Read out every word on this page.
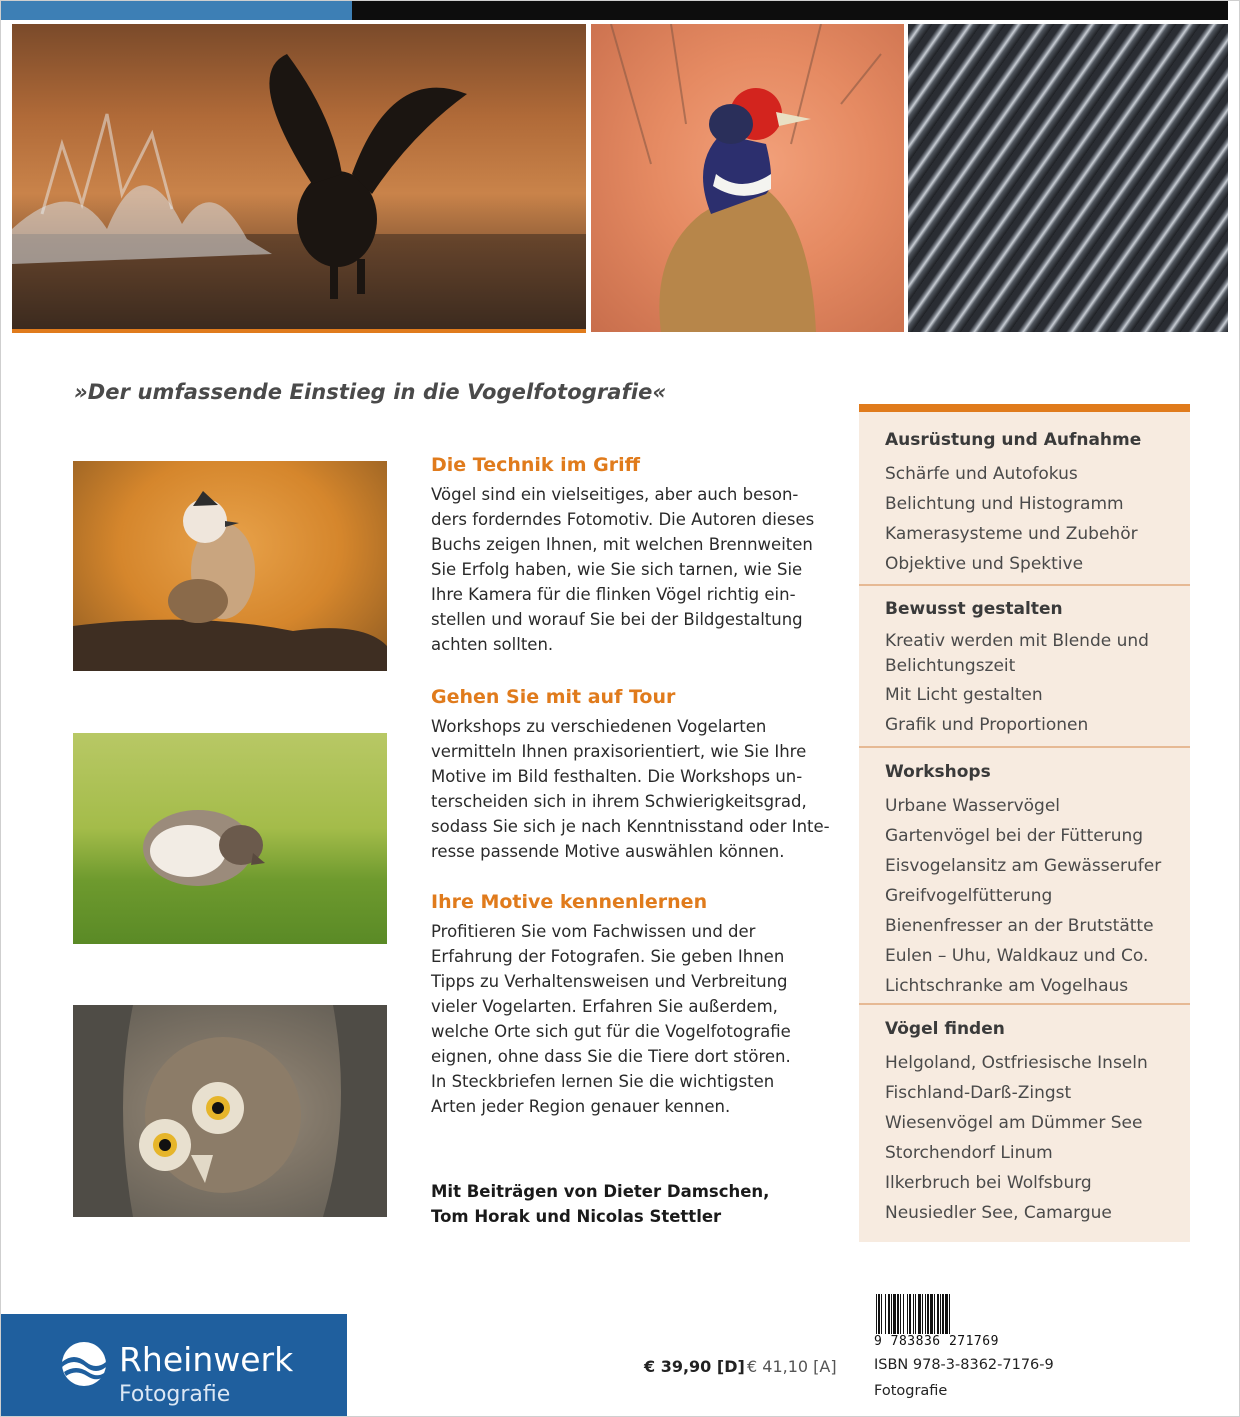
»Der umfassende Einstieg in die Vogelfotografie«
Die Technik im Griff
Vögel sind ein vielseitiges, aber auch beson-
ders forderndes Fotomotiv. Die Autoren dieses
Buchs zeigen Ihnen, mit welchen Brennweiten
Sie Erfolg haben, wie Sie sich tarnen, wie Sie
Ihre Kamera für die flinken Vögel richtig ein-
stellen und worauf Sie bei der Bildgestaltung
achten sollten.
Gehen Sie mit auf Tour
Workshops zu verschiedenen Vogelarten
vermitteln Ihnen praxisorientiert, wie Sie Ihre
Motive im Bild festhalten. Die Workshops un-
terscheiden sich in ihrem Schwierigkeitsgrad,
sodass Sie sich je nach Kenntnisstand oder Inte-
resse passende Motive auswählen können.
Ihre Motive kennenlernen
Profitieren Sie vom Fachwissen und der
Erfahrung der Fotografen. Sie geben Ihnen
Tipps zu Verhaltensweisen und Verbreitung
vieler Vogelarten. Erfahren Sie außerdem,
welche Orte sich gut für die Vogelfotografie
eignen, ohne dass Sie die Tiere dort stören.
In Steckbriefen lernen Sie die wichtigsten
Arten jeder Region genauer kennen.
Mit Beiträgen von Dieter Damschen,
Tom Horak und Nicolas Stettler
Ausrüstung und Aufnahme
Schärfe und Autofokus
Belichtung und Histogramm
Kamerasysteme und Zubehör
Objektive und Spektive
Bewusst gestalten
Kreativ werden mit Blende und Belichtungszeit
Mit Licht gestalten
Grafik und Proportionen
Workshops
Urbane Wasservögel
Gartenvögel bei der Fütterung
Eisvogelansitz am Gewässerufer
Greifvogelfütterung
Bienenfresser an der Brutstätte
Eulen – Uhu, Waldkauz und Co.
Lichtschranke am Vogelhaus
Vögel finden
Helgoland, Ostfriesische Inseln
Fischland-Darß-Zingst
Wiesenvögel am Dümmer See
Storchendorf Linum
Ilkerbruch bei Wolfsburg
Neusiedler See, Camargue
Rheinwerk
Fotografie
€ 39,90 [D] € 41,10 [A]
9 783836 271769
ISBN 978-3-8362-7176-9
Fotografie
